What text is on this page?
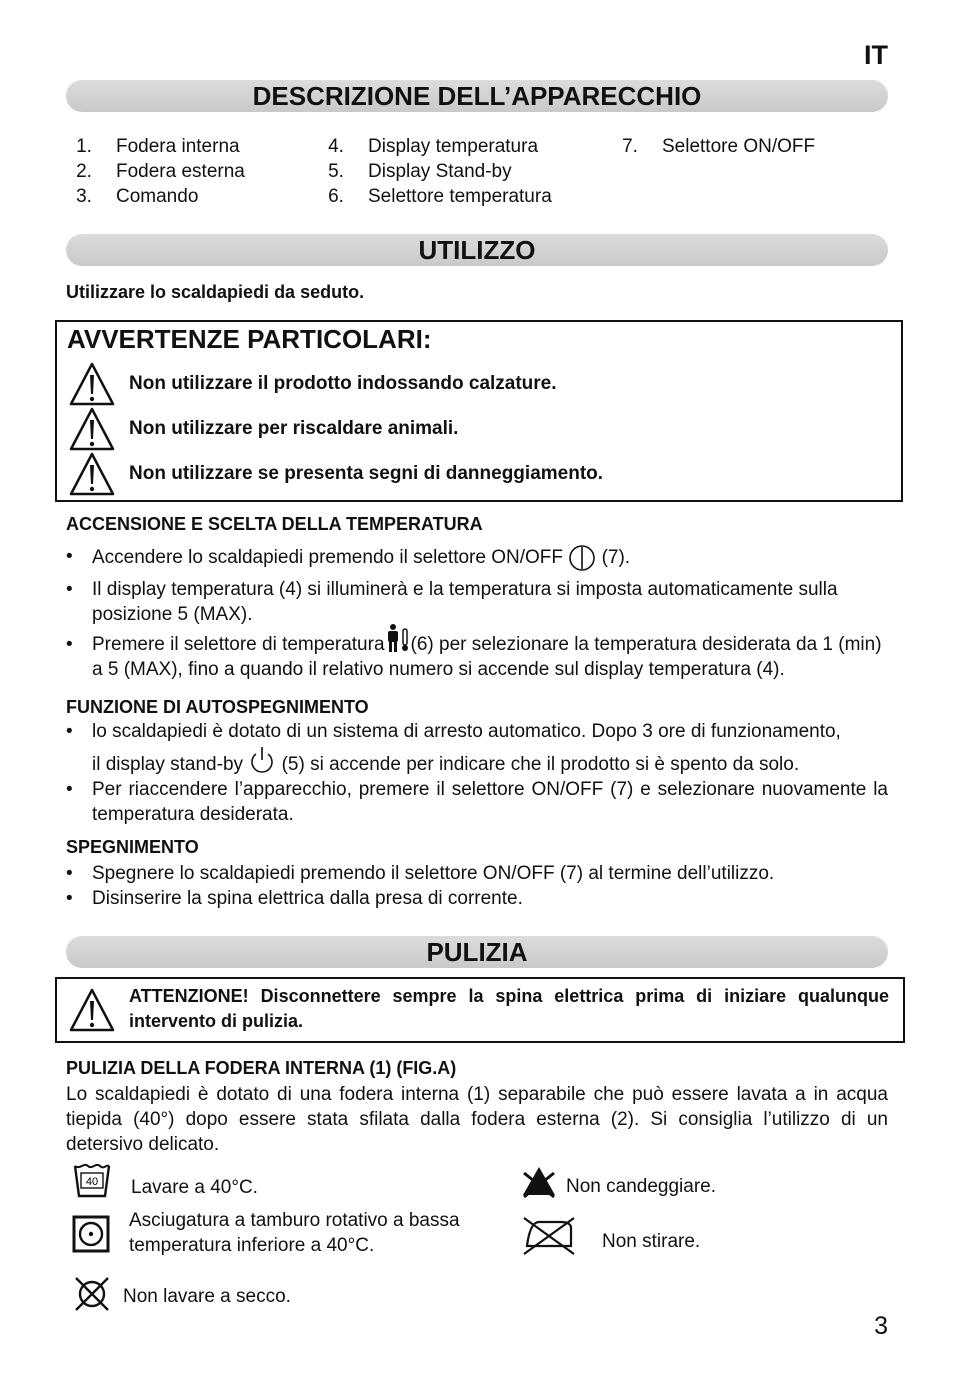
IT
DESCRIZIONE DELL’APPARECCHIO
1. Fodera interna
2. Fodera esterna
3. Comando
4. Display temperatura
5. Display Stand-by
6. Selettore temperatura
7. Selettore ON/OFF
UTILIZZO
Utilizzare lo scaldapiedi da seduto.
AVVERTENZE PARTICOLARI:
Non utilizzare il prodotto indossando calzature.
Non utilizzare per riscaldare animali.
Non utilizzare se presenta segni di danneggiamento.
ACCENSIONE E SCELTA DELLA TEMPERATURA
• Accendere lo scaldapiedi premendo il selettore ON/OFF (7).
• Il display temperatura (4) si illuminerà e la temperatura si imposta automaticamente sulla posizione 5 (MAX).
• Premere il selettore di temperatura (6) per selezionare la temperatura desiderata da 1 (min) a 5 (MAX), fino a quando il relativo numero si accende sul display temperatura (4).
FUNZIONE DI AUTOSPEGNIMENTO
• lo scaldapiedi è dotato di un sistema di arresto automatico. Dopo 3 ore di funzionamento,
il display stand-by (5) si accende per indicare che il prodotto si è spento da solo.
• Per riaccendere l’apparecchio, premere il selettore ON/OFF (7) e selezionare nuovamente la temperatura desiderata.
SPEGNIMENTO
• Spegnere lo scaldapiedi premendo il selettore ON/OFF (7) al termine dell’utilizzo.
• Disinserire la spina elettrica dalla presa di corrente.
PULIZIA
ATTENZIONE! Disconnettere sempre la spina elettrica prima di iniziare qualunque intervento di pulizia.
PULIZIA DELLA FODERA INTERNA (1) (FIG.A)
Lo scaldapiedi è dotato di una fodera interna (1) separabile che può essere lavata a in acqua tiepida (40°) dopo essere stata sfilata dalla fodera esterna (2). Si consiglia l’utilizzo di un detersivo delicato.
40 Lavare a 40°C.
Asciugatura a tamburo rotativo a bassa
temperatura inferiore a 40°C.
Non lavare a secco.
Non candeggiare.
Non stirare.
3
